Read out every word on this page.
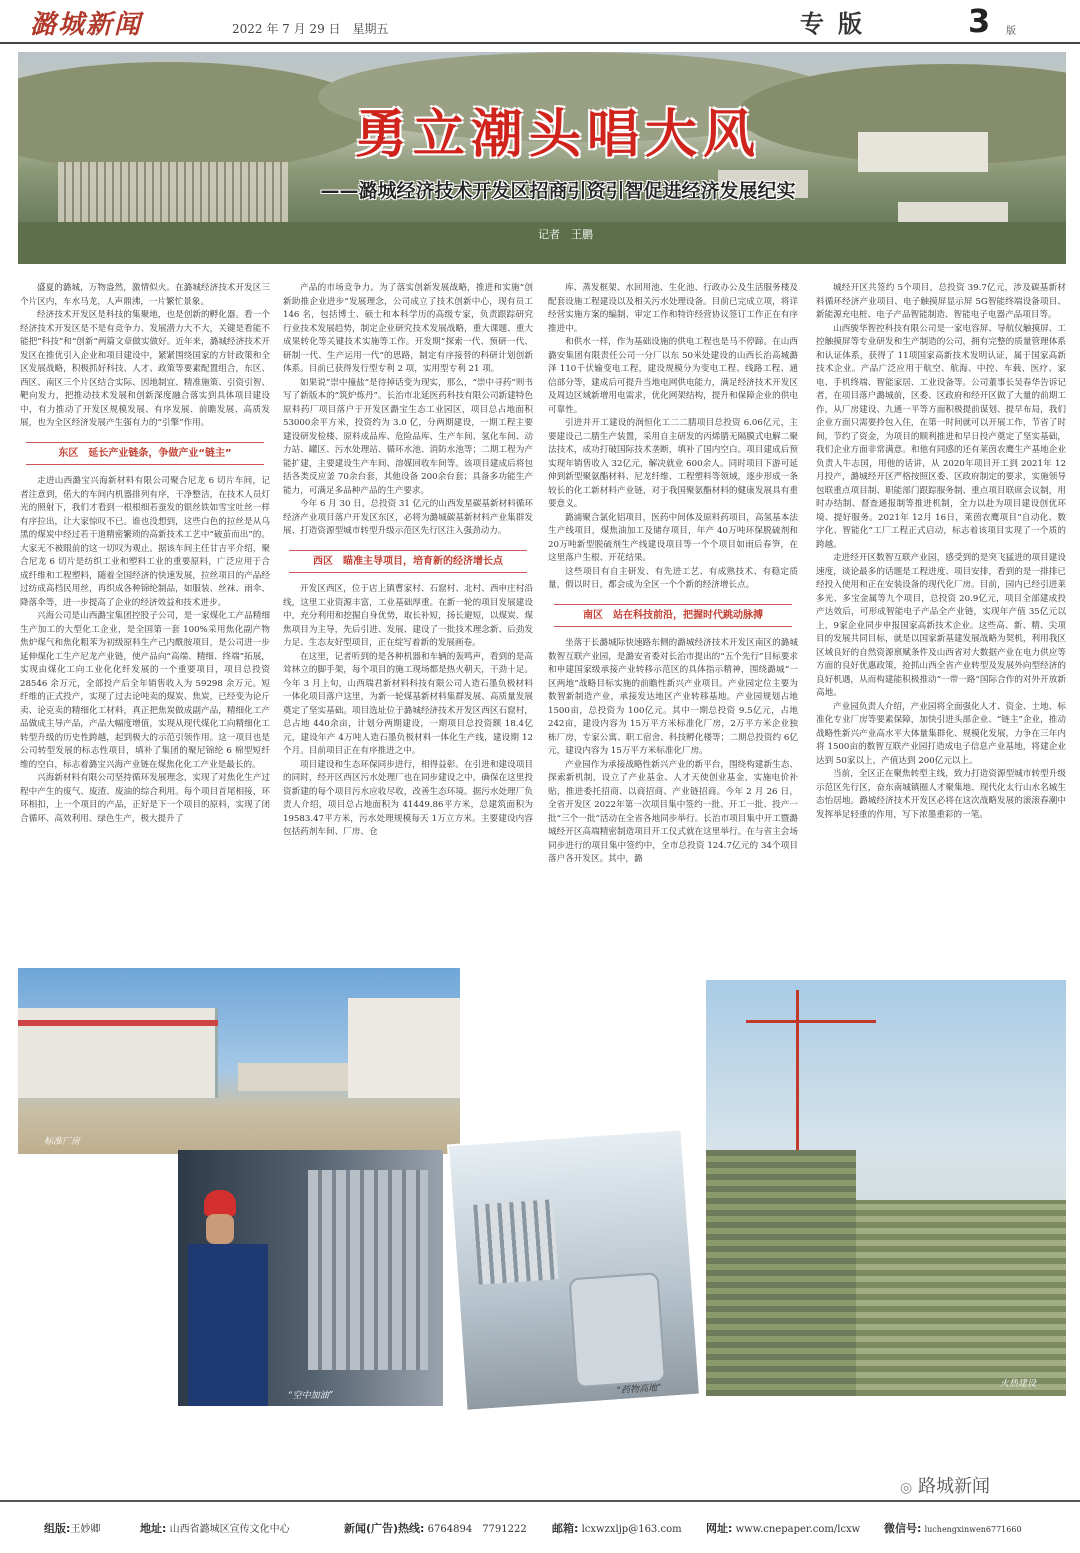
潞城新闻	2022 年 7 月 29 日　星期五	专版	3 版
勇立潮头唱大风
——潞城经济技术开发区招商引资引智促进经济发展纪实
记者　王鹏

盛夏的潞城，万物盎然，激情似火。在潞城经济技术开发区三个片区内，车水马龙，人声鼎沸，一片繁忙景象。

经济技术开发区是科技的集聚地，也是创新的孵化器。看一个经济技术开发区是不是有竞争力、发展潜力大不大，关键是看能不能把“科技”和“创新”两篇文章做实做好。近年来，潞城经济技术开发区在推优引入企业和项目建设中，紧紧围绕国家的方针政策和全区发展战略，积极抓好科技、人才、政策等要素配置组合，东区、西区、南区三个片区结合实际、因地制宜、精准施策、引资引智、靶向发力，把推动技术发展和创新深度融合落实到具体项目建设中，有力推动了开发区规模发展、有序发展、前瞻发展、高质发展，也为全区经济发展产生强有力的“引擎”作用。

东区　 延长产业链条，争做产业“链主”

走进山西潞宝兴海新材料有限公司聚合尼龙 6 切片车间，记者注意到，偌大的车间内机器排列有序，干净整洁，在技术人员灯光的照射下，我们才看到一根根细若蚕发的银丝铁如雪宝吐丝一样有序拉出，让大家惊叹不已。谁也没想到，这些白色的拉丝是从乌黑的煤炭中经过若干道精密繁琐的高新技术工艺中“破茧而出”的。大家无不被眼前的这一切叹为观止。据该车间主任甘吉平介绍，聚合尼龙 6 切片是纺织工业和塑料工业的重要原料，广泛应用于合成纤维和工程塑料，随着全国经济的快速发展，拉丝项目的产品经过纺成高档民用丝，再织成各种锦纶制品，如服装、丝袜、雨伞、降落伞等，进一步提高了企业的经济效益和技术进步。

兴海公司是山西潞宝集团控股子公司，是一家煤化工产品精细生产加工的大型化工企业，是全国第一套 100%采用焦化副产物焦炉煤气和焦化粗苯为初级原料生产己内酰胺项目，是公司进一步延伸煤化工生产尼龙产业链，使产品向“高端、精细、终端”拓展，实现由煤化工向工业化化纤发展的一个重要项目，项目总投资 28546 余万元，全部投产后全年销售收入为 59298 余万元。短纤维的正式投产，实现了过去论吨卖的煤炭、焦炭，已经变为论斤卖、论克卖的精细化工材料，真正把焦炭做成副产品，精细化工产品做成主导产品，产品大幅度增值，实现从现代煤化工向精细化工转型升级的历史性跨越，起到极大的示范引领作用。这一项目也是公司转型发展的标志性项目，填补了集团的聚尼锦纶 6 棉型短纤维的空白，标志着潞宝兴海产业链在煤焦化化工产业是最长的。

兴海新材料有限公司坚持循环发展理念，实现了对焦化生产过程中产生的废气、废渣、废油的综合利用。每个项目首尾相接，环环相扣，上一个项目的产品，正好是下一个项目的原料，实现了闭合循环、高效利用、绿色生产，极大提升了

产品的市场竞争力。为了落实创新发展战略，推进和实施“创新助推企业进步”发展理念，公司成立了技术创新中心，现有员工 146 名，包括博士、硕士和本科学历的高级专家，负责跟踪研究行业技术发展趋势，制定企业研究技术发展战略，重大课题、重大成果转化等关键技术实施等工作。开发期“探索一代、预研一代、研制一代、生产运用一代”的思路，制定有序接替的科研计划创新体系。目前已获得发行型专利 2 项，实用型专利 21 项。

如果说“崇中撞盐”是待掉话变为现实，那么，“崇中寻药”则书写了新版本的“筑炉炼丹”。长治市北延医药科技有限公司新建特色原料药厂项目落户于开发区潞宝生态工业园区，项目总占地面积 53000余平方米，投资约为 3.0 亿，分两期建设，一期工程主要建设研发检楼、原料成品库、危险品库、生产车间、氢化车间、动力站、罐区、污水处理站、循环水池、消防水池等；二期工程为产能扩建，主要建设生产车间、溶媒回收车间等。该项目建成后将包括各类反应釜 70余台套，其他设备 200余台套；具备多功能生产能力，可满足多品种产品的生产要求。

今年 6 月 30 日，总投资 31 亿元的山西发星碳基新材料循环经济产业项目落户开发区东区，必将为潞城碳基新材料产业集群发展、打造资源型城市转型升级示范区先行区注入强劲动力。

西区　 瞄准主导项目，培育新的经济增长点

开发区西区，位于店上镇曹家村、石窟村、北村、西申庄村沿线，这里工业资源丰富，工业基础厚重。在新一轮的项目发展建设中，充分利用和挖掘自身优势，取长补短，扬长避短，以煤炭、煤焦项目为主导，先后引进、发展、建设了一批技术理念新、后劲发力足、生态友好型项目，正在绽写着新的发展画卷。

在这里，记者听到的是各种机器和车辆的轰鸣声，看到的是高耸林立的脚手架，每个项目的施工现场都是热火朝天，干劲十足。今年 3 月上旬，山西瑞君新材料科技有限公司人造石墨负极材料一体化项目落户这里，为新一轮煤基新材料集群发展、高质量发展奠定了坚实基础。项目选址位于潞城经济技术开发区西区石窟村，总占地 440余亩，计划分两期建设，一期项目总投资额 18.4亿元，建设年产 4万吨人造石墨负极材料一体化生产线，建设期 12个月。目前项目正在有序推进之中。

项目建设和生态环保同步进行，相得益彰。在引进和建设项目的同时，经开区西区污水处理厂也在同步建设之中，确保在这里投资新建的每个项目污水应收尽收，改善生态环境。据污水处理厂负责人介绍，项目总占地面积为 41449.86平方米，总建筑面积为 19583.47平方米，污水处理规模每天 1万立方米。主要建设内容包括药剂车间、厂房、仓

库、蒸发框架、水回用池、生化池、行政办公及生活服务楼及配套设施工程建设以及相关污水处理设备。目前已完成立项，将详经营实施方案的编制、审定工作和特许经营协议签订工作正在有序推进中。

和供水一样，作为基础设施的供电工程也是马不停蹄。在山西潞安集团有限责任公司一分厂以东 50米处建设的山西长治高城潞泽 110千伏输变电工程，建设规模分为变电工程、线路工程、通信部分等，建成后可提升当地电网供电能力，满足经济技术开发区及周边区域新增用电需求，优化网架结构，提升和保障企业的供电可靠性。

引进并开工建设的润恒化工二二腈项目总投资 6.06亿元，主要建设己二腈生产装置，采用自主研发的丙烯腈无隔膜式电解二聚法技术，成功打破国际技术垄断，填补了国内空白。项目建成后预实现年销售收入 32亿元，解决就业 600余人。同时项目下游可延伸到新型聚氨酯材料、尼龙纤维、工程塑料等领域，逐步形成一条较长的化工新材料产业链，对于我国聚氨酯材料的健康发展具有重要意义。

潞浦聚合氯化铝项目，医药中间体及原料药项目，高氢基本法生产线项目，煤焦油加工及储存项目，年产 40万吨环保脱硫剂和 20万吨新型脱硫剂生产线建设项目等一个个项目如雨后春笋，在这里落户生根、开花结果。

这些项目有自主研发、有先进工艺、有成熟技术、有稳定质量，假以时日，都会成为全区一个个新的经济增长点。

南区　 站在科技前沿，把握时代跳动脉搏

坐落于长潞城际快速路东侧的潞城经济技术开发区南区的潞城数智互联产业园，是潞安省委对长治市提出的“五个先行”目标要求和申建国家级承接产业转移示范区的具体指示精神，围绕潞城“一区两地”战略目标实施的前瞻性新兴产业项目。产业园定位主要为数智新制造产业，承接发达地区产业转移基地。产业园规划占地 1500亩，总投资为 100亿元。其中一期总投资 9.5亿元，占地 242亩，建设内容为 15万平方米标准化厂房，2万平方米企业独栋厂房，专家公寓、职工宿舍、科技孵化楼等；二期总投资约 6亿元，建设内容为 15万平方米标准化厂房。

产业园作为承接战略性新兴产业的新平台，围绕构建新生态、探索新机制，设立了产业基金、人才天使创业基金，实施电价补贴，推进委托招商、以商招商、产业链招商。今年 2 月 26 日，全省开发区 2022年第一次项目集中签约一批、开工一批、投产一批“三个一批”活动在全省各地同步举行。长治市项目集中开工暨潞城经开区高端精密制造项目开工仪式就在这里举行。在与省主会场同步进行的项目集中签约中，全市总投资 124.7亿元的 34个项目落户各开发区。其中，潞

城经开区共签约 5个项目，总投资 39.7亿元，涉及碳基新材料循环经济产业项目、电子触摸屏显示屏 5G智能终端设备项目、新能源充电桩、电子产品智能制造、智能电子电器产品项目等。

山西骏华智控科技有限公司是一家电容屏、导航仪触摸屏、工控触摸屏等专业研发和生产制造的公司，拥有完整的质量管理体系和认证体系，获得了 11项国家高新技术发明认证，属于国家高新技术企业。产品广泛应用于航空、航海、中控、车载、医疗、家电、手机终端、智能家居、工业设备等。公司董事长吴春华告诉记者，在项目落户潞城前，区委、区政府和经开区做了大量的前期工作，从厂房建设、九通一平等方面积极提前谋划、提早布局，我们企业方面只需要拎包入住，在第一时间就可以开展工作，节省了时间，节约了资金，为项目的顺利推进和早日投产奠定了坚实基础，我们企业方面非常满意。和他有同感的还有莱茵农鹰生产基地企业负责人牛志国，用他的话讲，从 2020年项目开工到 2021年 12月投产，潞城经开区严格按照区委、区政府制定的要求，实施领导包联重点项目制、职能部门跟踪服务制、重点项目联席会议制，用时办结制、督查通报制等推进机制，全力以赴为项目建设创优环境、提好服务。2021年 12月 16日，莱茵农鹰项目“自动化、数字化、智能化”工厂工程正式启动，标志着该项目实现了一个质的跨越。

走进经开区数智互联产业园，感受到的是突飞猛进的项目建设速度，谈论最多的话题是工程进度、项目安排，看到的是一排排已经投入使用和正在安装设备的现代化厂房。目前，园内已经引进莱多光、多宝金属等九个项目，总投资 20.9亿元，项目全部建成投产达效后，可形成智能电子产品全产业链，实现年产值 35亿元以上，9家企业同步申报国家高新技术企业。这些高、新、精、尖项目的发展共同目标，就是以国家新基建发展战略为契机，利用我区区域良好的自然资源禀赋条件及山西省对大数据产业在电力供应等方面的良好优惠政策，抢抓山西全省产业转型及发展外向型经济的良好机遇，从而构建能积极推动“一带一路”国际合作的对外开放新高地。

产业园负责人介绍，产业园将全面强化人才、资金、土地、标准化专业厂房等要素保障，加快引进头部企业、“链主”企业，推动战略性新兴产业高水平大体量集群化、规模化发展，力争在三年内将 1500亩的数智互联产业园打造成电子信息产业基地，将建企业达到 50家以上，产值达到 200亿元以上。

当前，全区正在聚焦转型主线，致力打造资源型城市转型升级示范区先行区，奋东南城镇圈人才聚集地、现代化太行山水名城生态怡居地。潞城经济技术开发区必将在这次战略发展的滚滚春潮中发挥举足轻重的作用，写下浓墨重彩的一笔。

标准厂房
火热建设
“空中加油”	“药物高地”
◎ 路城新闻
组版:王妙卿	地址: 山西省潞城区宣传文化中心	新闻(广告)热线: 6764894　7791222 邮箱: lcxwzxljp@163.com 网址: www.cnepaper.com/lcxw 微信号: luchengxinwen6771660
